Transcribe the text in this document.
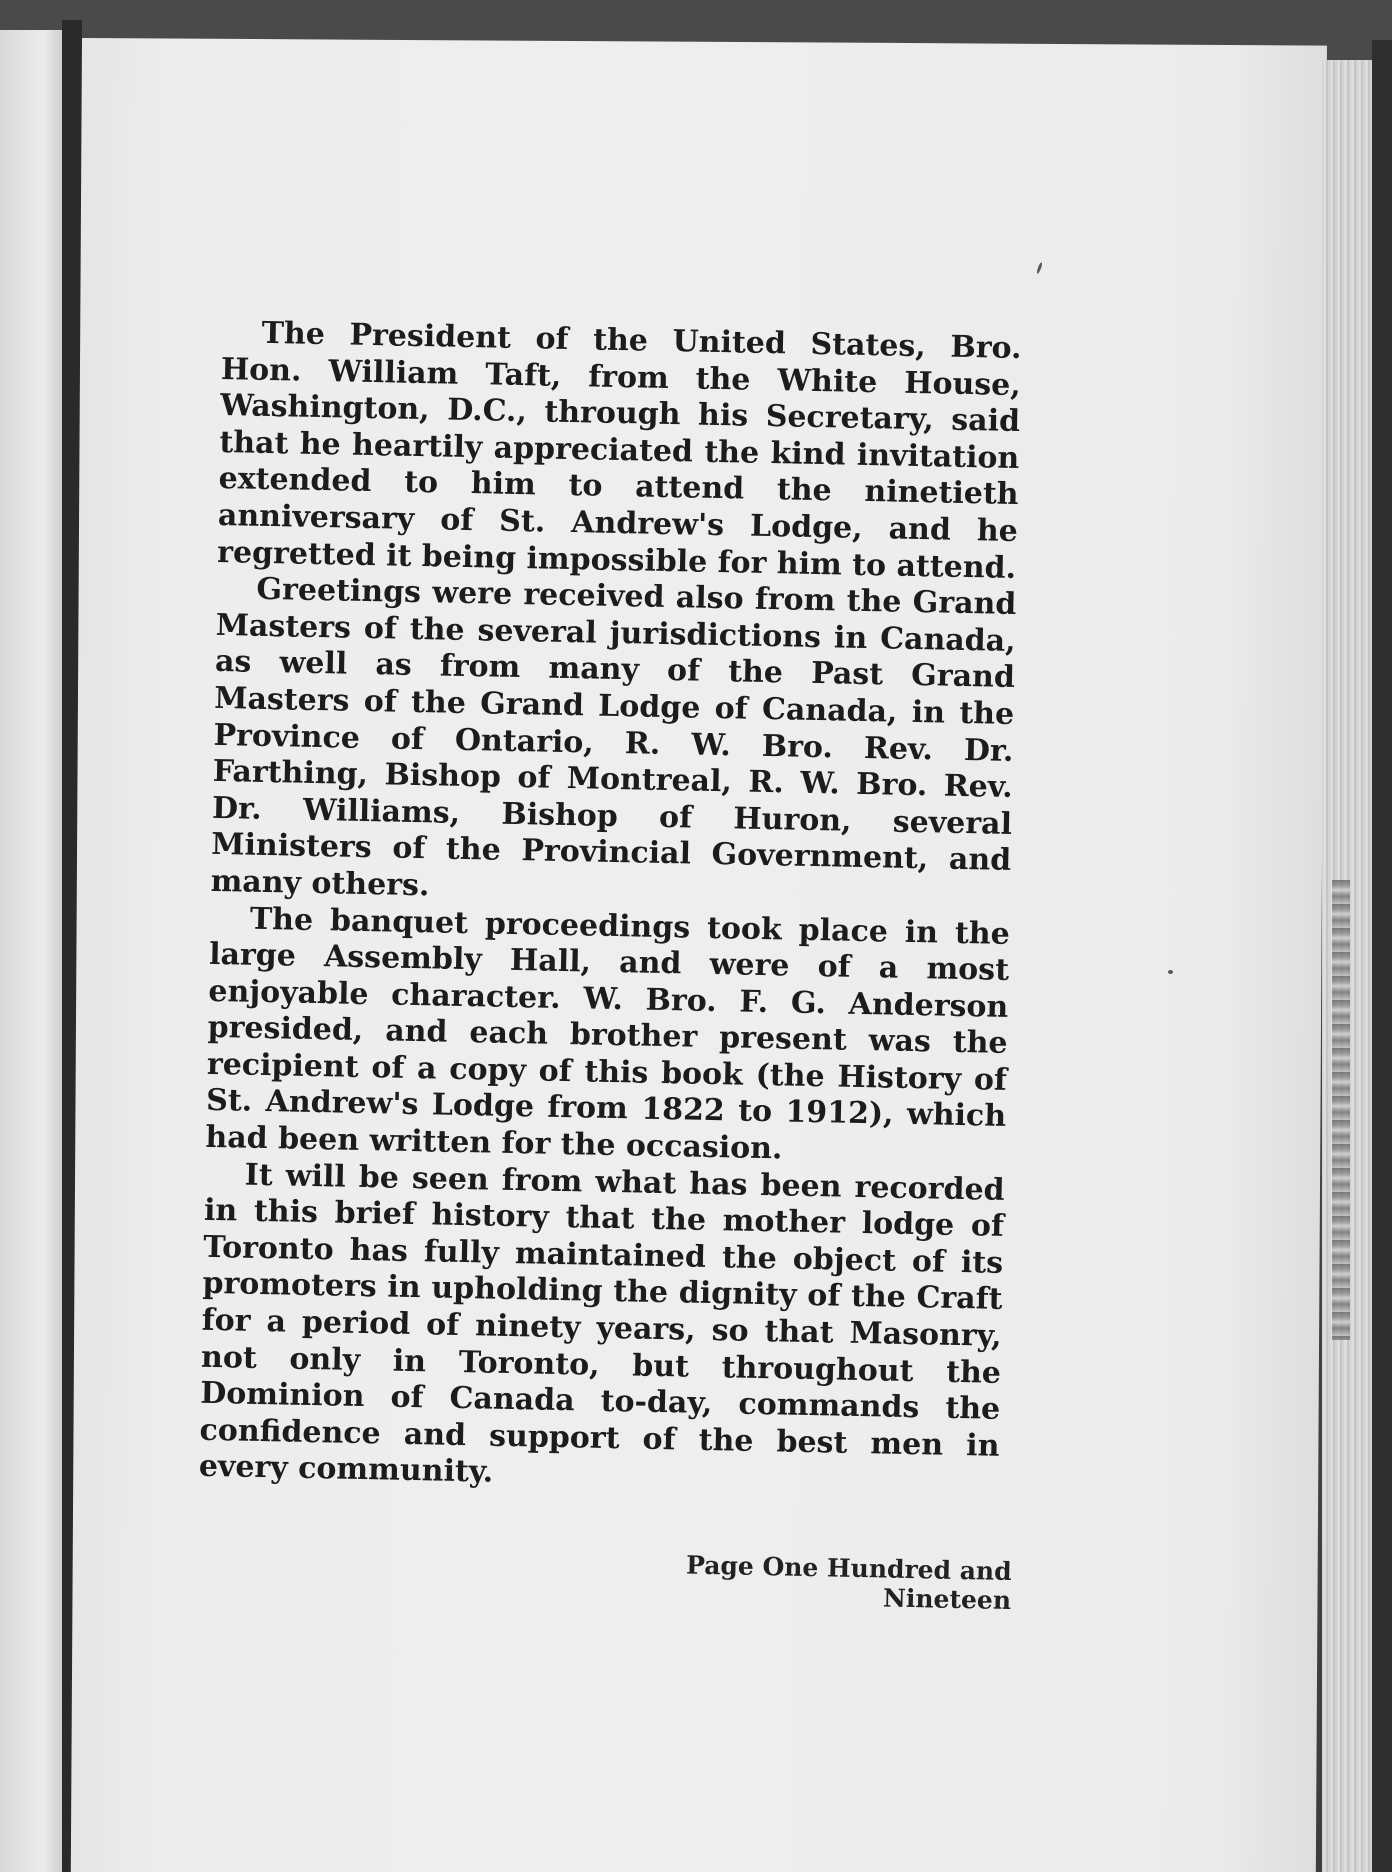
The President of the United States, Bro. Hon. William Taft, from the White House, Washington, D.C., through his Secretary, said that he heartily appreciated the kind invitation extended to him to attend the ninetieth anniversary of St. Andrew's Lodge, and he regretted it being impossible for him to attend.

Greetings were received also from the Grand Masters of the several jurisdictions in Canada, as well as from many of the Past Grand Masters of the Grand Lodge of Canada, in the Province of Ontario, R. W. Bro. Rev. Dr. Farthing, Bishop of Montreal, R. W. Bro. Rev. Dr. Williams, Bishop of Huron, several Ministers of the Provincial Government, and many others.

The banquet proceedings took place in the large Assembly Hall, and were of a most enjoyable character. W. Bro. F. G. Anderson presided, and each brother present was the recipient of a copy of this book (the History of St. Andrew's Lodge from 1822 to 1912), which had been written for the occasion.

It will be seen from what has been recorded in this brief history that the mother lodge of Toronto has fully maintained the object of its promoters in upholding the dignity of the Craft for a period of ninety years, so that Masonry, not only in Toronto, but throughout the Dominion of Canada to-day, commands the confidence and support of the best men in every community.

Page One Hundred and Nineteen
